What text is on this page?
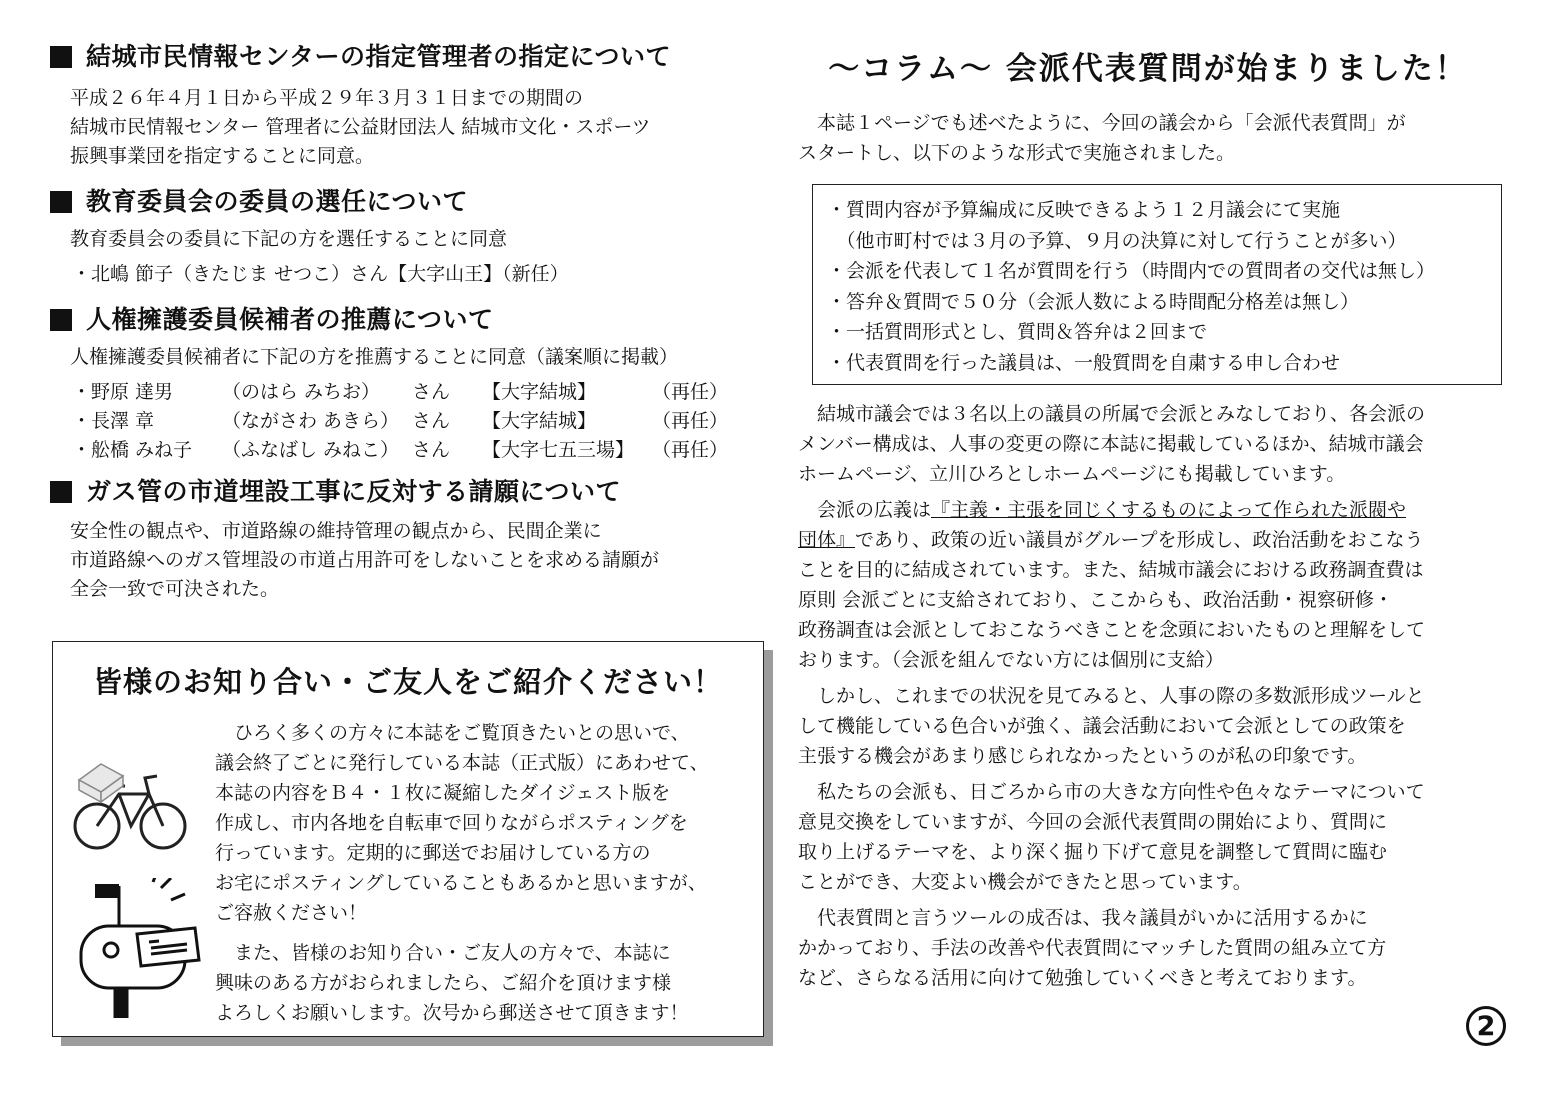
結城市民情報センターの指定管理者の指定について

平成２６年４月１日から平成２９年３月３１日までの期間の
結城市民情報センター 管理者に公益財団法人 結城市文化・スポーツ
振興事業団を指定することに同意。

教育委員会の委員の選任について

教育委員会の委員に下記の方を選任することに同意

・北嶋 節子（きたじま せつこ）さん【大字山王】（新任）
人権擁護委員候補者の推薦について

人権擁護委員候補者に下記の方を推薦することに同意（議案順に掲載）

・野原 達男	（のはら みちお）	さん	【大字結城】	（再任）
・長澤 章	（ながさわ あきら） さん	【大字結城】	（再任）
・舩橋 みね子	（ふなばし みねこ） さん	【大字七五三場】 （再任）
ガス管の市道埋設工事に反対する請願について

安全性の観点や、市道路線の維持管理の観点から、民間企業に
市道路線へのガス管埋設の市道占用許可をしないことを求める請願が
全会一致で可決された。

皆様のお知り合い・ご友人をご紹介ください！

　ひろく多くの方々に本誌をご覧頂きたいとの思いで、
議会終了ごとに発行している本誌（正式版）にあわせて、
本誌の内容をＢ４・１枚に凝縮したダイジェスト版を
作成し、市内各地を自転車で回りながらポスティングを
行っています。定期的に郵送でお届けしている方の
お宅にポスティングしていることもあるかと思いますが、
ご容赦ください！

　また、皆様のお知り合い・ご友人の方々で、本誌に
興味のある方がおられましたら、ご紹介を頂けます様
よろしくお願いします。次号から郵送させて頂きます！

～コラム～ 会派代表質問が始まりました！

　本誌１ページでも述べたように、今回の議会から「会派代表質問」が
スタートし、以下のような形式で実施されました。

・質問内容が予算編成に反映できるよう１２月議会にて実施
　（他市町村では３月の予算、９月の決算に対して行うことが多い）
・会派を代表して１名が質問を行う（時間内での質問者の交代は無し）
・答弁＆質問で５０分（会派人数による時間配分格差は無し）
・一括質問形式とし、質問＆答弁は２回まで
・代表質問を行った議員は、一般質問を自粛する申し合わせ

　結城市議会では３名以上の議員の所属で会派とみなしており、各会派の
メンバー構成は、人事の変更の際に本誌に掲載しているほか、結城市議会
ホームページ、立川ひろとしホームページにも掲載しています。

　会派の広義は『主義・主張を同じくするものによって作られた派閥や
団体』であり、政策の近い議員がグループを形成し、政治活動をおこなう
ことを目的に結成されています。また、結城市議会における政務調査費は
原則 会派ごとに支給されており、ここからも、政治活動・視察研修・
政務調査は会派としておこなうべきことを念頭においたものと理解をして
おります。（会派を組んでない方には個別に支給）

　しかし、これまでの状況を見てみると、人事の際の多数派形成ツールと
して機能している色合いが強く、議会活動において会派としての政策を
主張する機会があまり感じられなかったというのが私の印象です。

　私たちの会派も、日ごろから市の大きな方向性や色々なテーマについて
意見交換をしていますが、今回の会派代表質問の開始により、質問に
取り上げるテーマを、より深く掘り下げて意見を調整して質問に臨む
ことができ、大変よい機会ができたと思っています。

　代表質問と言うツールの成否は、我々議員がいかに活用するかに
かかっており、手法の改善や代表質問にマッチした質問の組み立て方
など、さらなる活用に向けて勉強していくべきと考えております。

2
